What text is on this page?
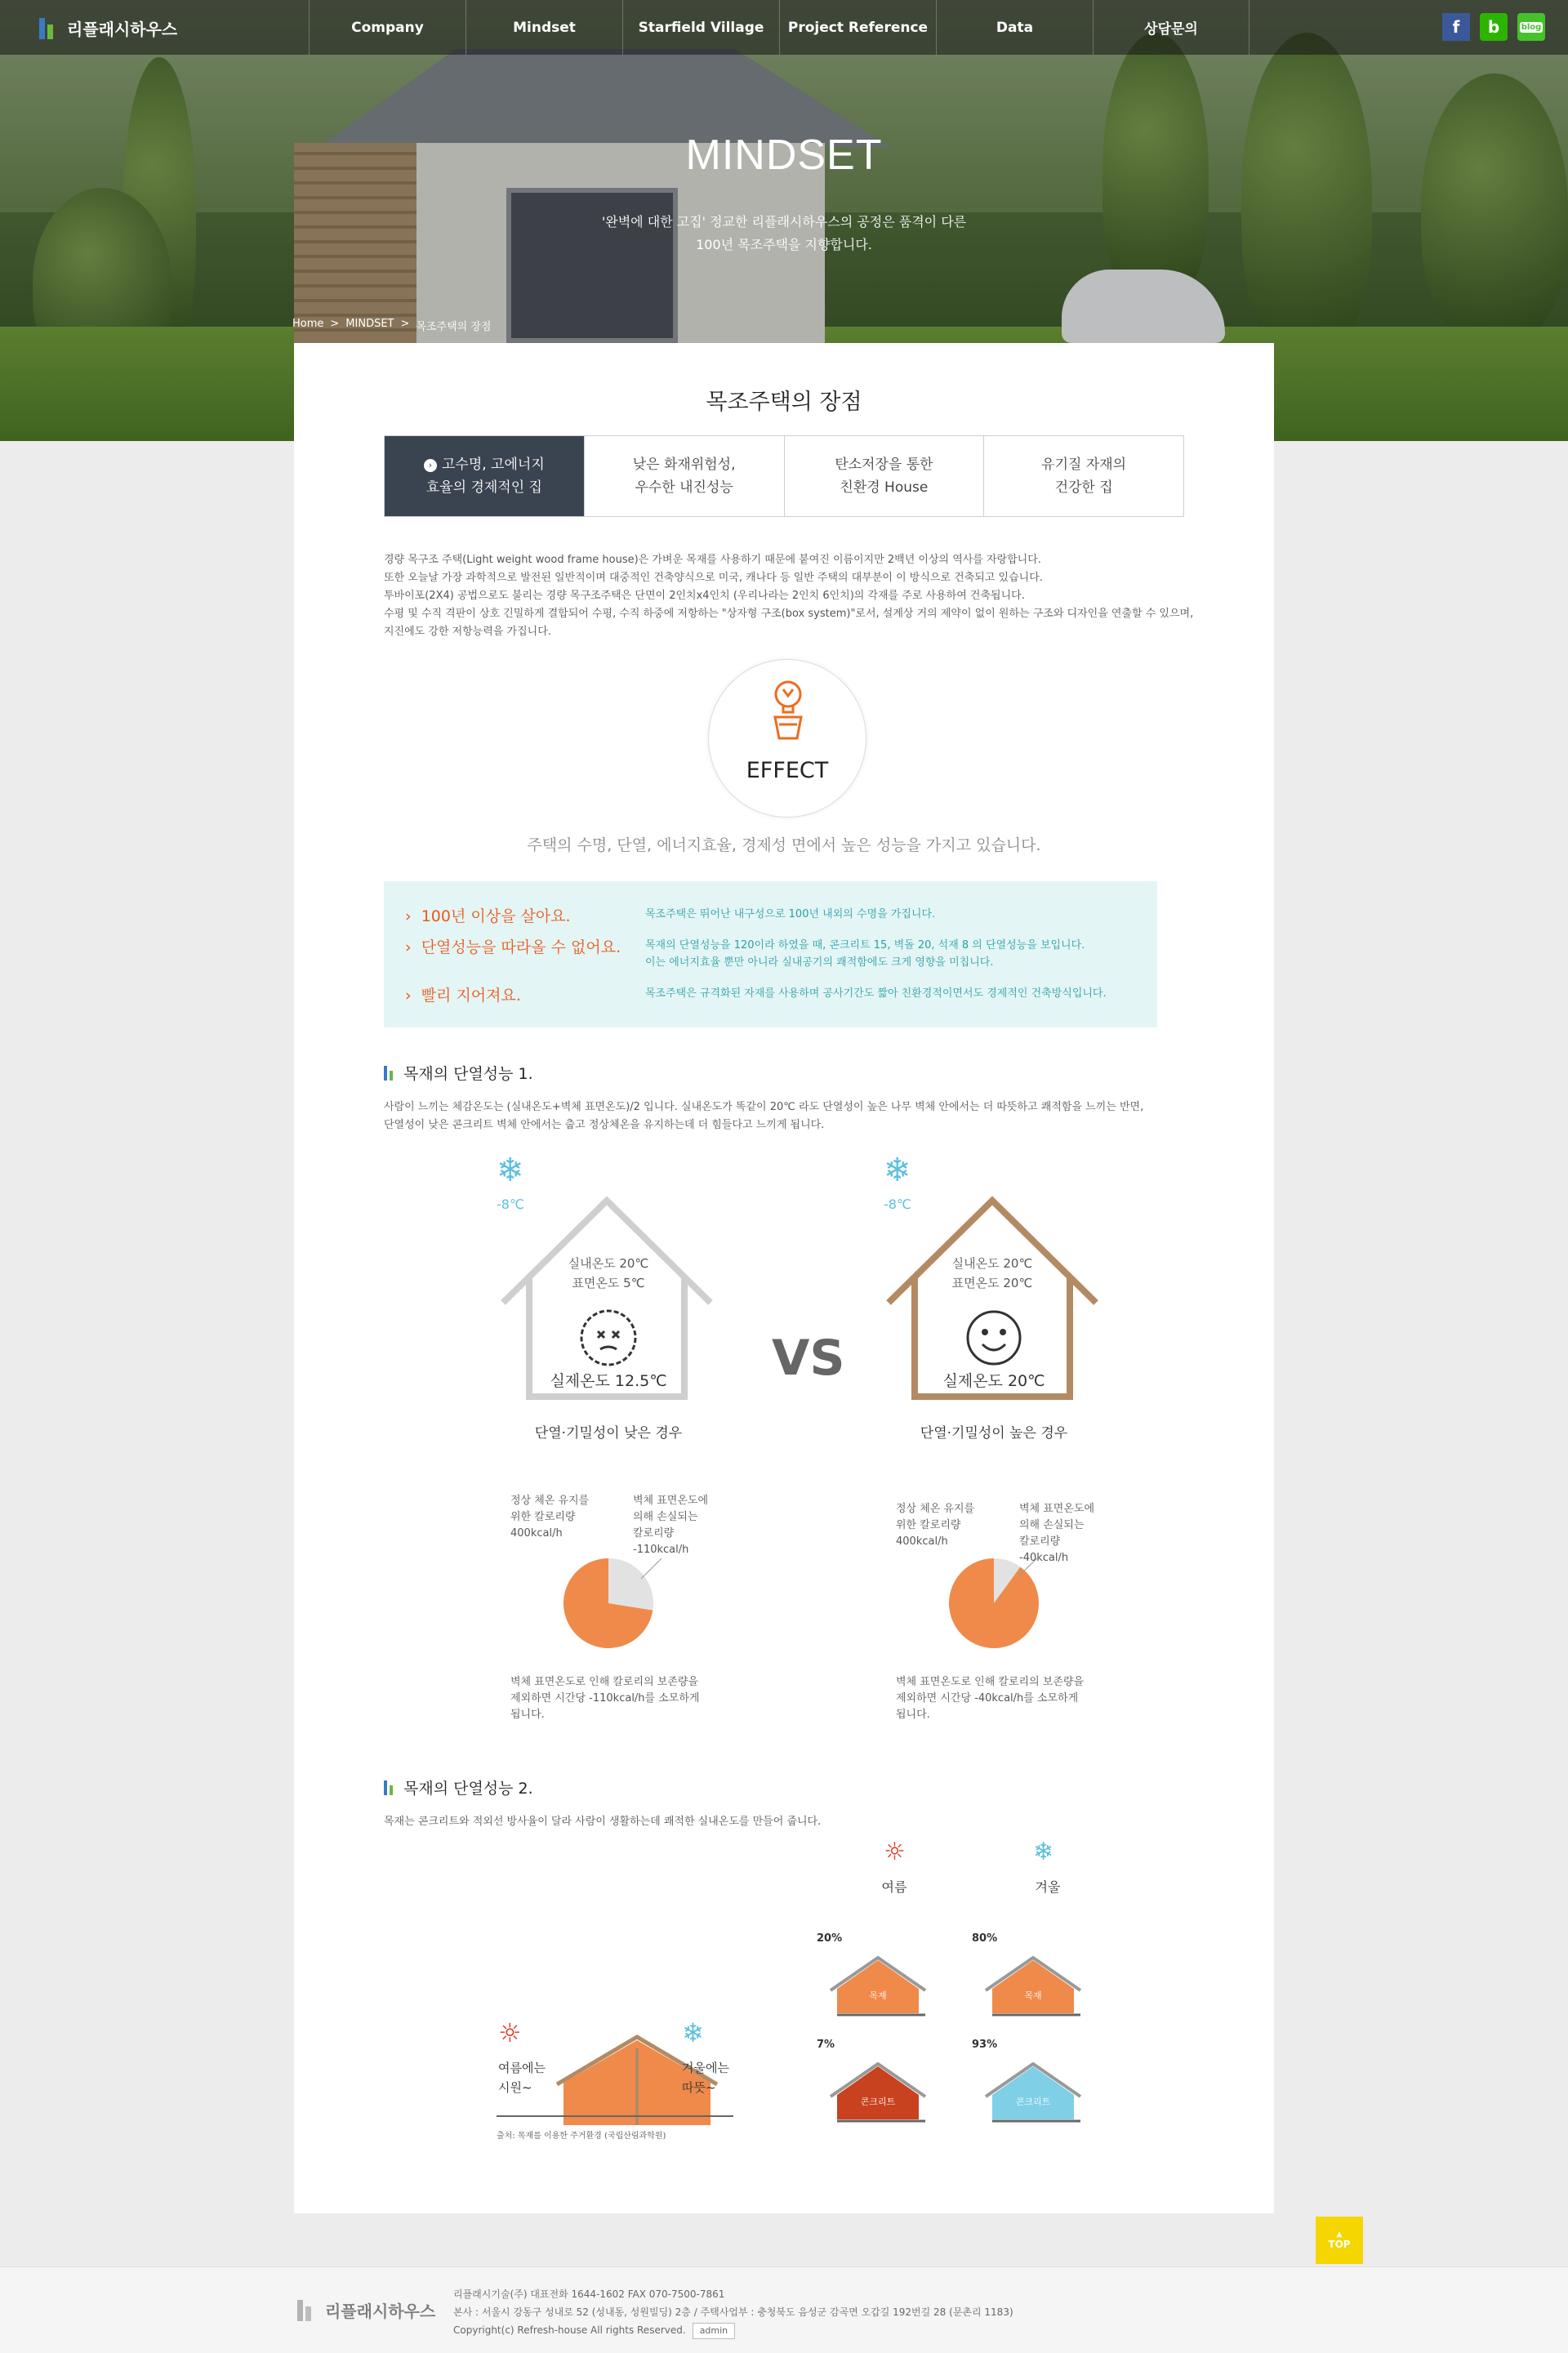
MINDSET
'완벽에 대한 고집' 정교한 리플래시하우스의 공정은 품격이 다른
100년 목조주택을 지향합니다.
리플래시하우스	Company	Mindset	Starfield Village	Project Reference	Data	상담문의	f	b	blog
Home > MINDSET > 목조주택의 장점
목조주택의 장점
› 고수명, 고에너지
효율의 경제적인 집
낮은 화재위험성,
우수한 내진성능
탄소저장을 통한
친환경 House
유기질 자재의
건강한 집
경량 목구조 주택(Light weight wood frame house)은 가벼운 목재를 사용하기 때문에 붙여진 이름이지만 2백년 이상의 역사를 자랑합니다.
또한 오늘날 가장 과학적으로 발전된 일반적이며 대중적인 건축양식으로 미국, 캐나다 등 일반 주택의 대부분이 이 방식으로 건축되고 있습니다.
투바이포(2X4) 공법으로도 불리는 경량 목구조주택은 단면이 2인치x4인치 (우리나라는 2인치 6인치)의 각재를 주로 사용하여 건축됩니다.
수평 및 수직 격판이 상호 긴밀하게 결합되어 수평, 수직 하중에 저항하는 "상자형 구조(box system)"로서, 설계상 거의 제약이 없이 원하는 구조와 디자인을 연출할 수 있으며,
지진에도 강한 저항능력을 가집니다.
EFFECT
주택의 수명, 단열, 에너지효율, 경제성 면에서 높은 성능을 가지고 있습니다.
› 100년 이상을 살아요.	목조주택은 뛰어난 내구성으로 100년 내외의 수명을 가집니다.
› 단열성능을 따라올 수 없어요. 목재의 단열성능을 120이라 하였을 때, 콘크리트 15, 벽돌 20, 석재 8 의 단열성능을 보입니다.
이는 에너지효율 뿐만 아니라 실내공기의 쾌적함에도 크게 영향을 미칩니다.
› 빨리 지어져요.	목조주택은 규격화된 자재를 사용하며 공사기간도 짧아 친환경적이면서도 경제적인 건축방식입니다.
목재의 단열성능 1.
사람이 느끼는 체감온도는 (실내온도+벽체 표면온도)/2 입니다. 실내온도가 똑같이 20℃ 라도 단열성이 높은 나무 벽체 안에서는 더 따뜻하고 쾌적함을 느끼는 반면,
단열성이 낮은 콘크리트 벽체 안에서는 춥고 정상체온을 유지하는데 더 힘들다고 느끼게 됩니다.
❄
-8℃
실내온도 20℃
표면온도 5℃
실제온도 12.5℃
단열·기밀성이 낮은 경우
VS
❄
-8℃
실내온도 20℃
표면온도 20℃
실제온도 20℃
단열·기밀성이 높은 경우
정상 체온 유지를
위한 칼로리량
400kcal/h
벽체 표면온도에
의해 손실되는
칼로리량
-110kcal/h
벽체 표면온도로 인해 칼로리의 보존량을
제외하면 시간당 -110kcal/h를 소모하게
됩니다.
정상 체온 유지를
위한 칼로리량
400kcal/h
벽체 표면온도에
의해 손실되는
칼로리량
-40kcal/h
벽체 표면온도로 인해 칼로리의 보존량을
제외하면 시간당 -40kcal/h를 소모하게
됩니다.
목재의 단열성능 2.
목재는 콘크리트와 적외선 방사율이 달라 사람이 생활하는데 쾌적한 실내온도를 만들어 줍니다.
☼
여름
❄
겨울
20%	80%
7%	93%
목재	목재
콘크리트	콘크리트
☼
여름에는
시원~
❄
겨울에는
따뜻~
출처: 목재를 이용한 주거환경 (국립산림과학원)
▲
TOP
리플래시하우스
리플래시기술(주) 대표전화 1644-1602 FAX 070-7500-7861
본사 : 서울시 강동구 성내로 52 (성내동, 성원빌딩) 2층 / 주택사업부 : 충청북도 음성군 감곡면 오갑길 192번길 28 (문촌리 1183)
Copyright(c) Refresh-house All rights Reserved. admin
